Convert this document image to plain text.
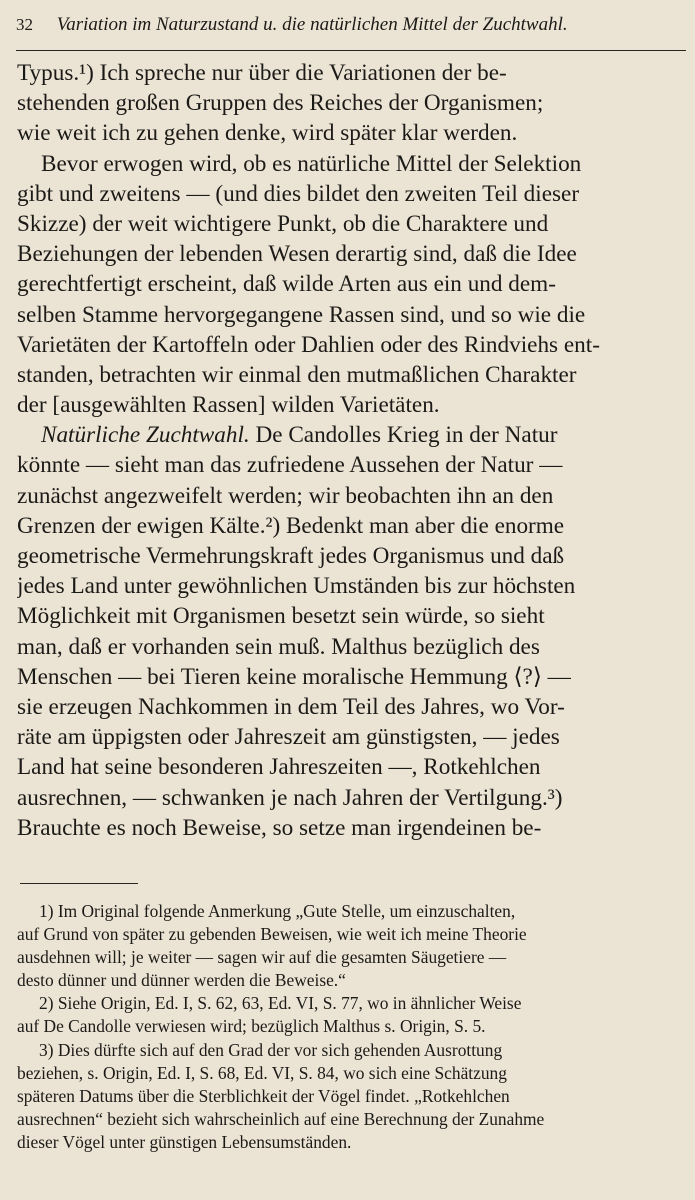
32 Variation im Naturzustand u. die natürlichen Mittel der Zuchtwahl.
Typus.¹) Ich spreche nur über die Variationen der be-
stehenden großen Gruppen des Reiches der Organismen;
wie weit ich zu gehen denke, wird später klar werden.
Bevor erwogen wird, ob es natürliche Mittel der Selektion
gibt und zweitens — (und dies bildet den zweiten Teil dieser
Skizze) der weit wichtigere Punkt, ob die Charaktere und
Beziehungen der lebenden Wesen derartig sind, daß die Idee
gerechtfertigt erscheint, daß wilde Arten aus ein und dem-
selben Stamme hervorgegangene Rassen sind, und so wie die
Varietäten der Kartoffeln oder Dahlien oder des Rindviehs ent-
standen, betrachten wir einmal den mutmaßlichen Charakter
der [ausgewählten Rassen] wilden Varietäten.
Natürliche Zuchtwahl. De Candolles Krieg in der Natur
könnte — sieht man das zufriedene Aussehen der Natur —
zunächst angezweifelt werden; wir beobachten ihn an den
Grenzen der ewigen Kälte.²) Bedenkt man aber die enorme
geometrische Vermehrungskraft jedes Organismus und daß
jedes Land unter gewöhnlichen Umständen bis zur höchsten
Möglichkeit mit Organismen besetzt sein würde, so sieht
man, daß er vorhanden sein muß. Malthus bezüglich des
Menschen — bei Tieren keine moralische Hemmung ⟨?⟩ —
sie erzeugen Nachkommen in dem Teil des Jahres, wo Vor-
räte am üppigsten oder Jahreszeit am günstigsten, — jedes
Land hat seine besonderen Jahreszeiten —, Rotkehlchen
ausrechnen, — schwanken je nach Jahren der Vertilgung.³)
Brauchte es noch Beweise, so setze man irgendeinen be-
1) Im Original folgende Anmerkung „Gute Stelle, um einzuschalten,
auf Grund von später zu gebenden Beweisen, wie weit ich meine Theorie
ausdehnen will; je weiter — sagen wir auf die gesamten Säugetiere —
desto dünner und dünner werden die Beweise.“
2) Siehe Origin, Ed. I, S. 62, 63, Ed. VI, S. 77, wo in ähnlicher Weise
auf De Candolle verwiesen wird; bezüglich Malthus s. Origin, S. 5.
3) Dies dürfte sich auf den Grad der vor sich gehenden Ausrottung
beziehen, s. Origin, Ed. I, S. 68, Ed. VI, S. 84, wo sich eine Schätzung
späteren Datums über die Sterblichkeit der Vögel findet. „Rotkehlchen
ausrechnen“ bezieht sich wahrscheinlich auf eine Berechnung der Zunahme
dieser Vögel unter günstigen Lebensumständen.
